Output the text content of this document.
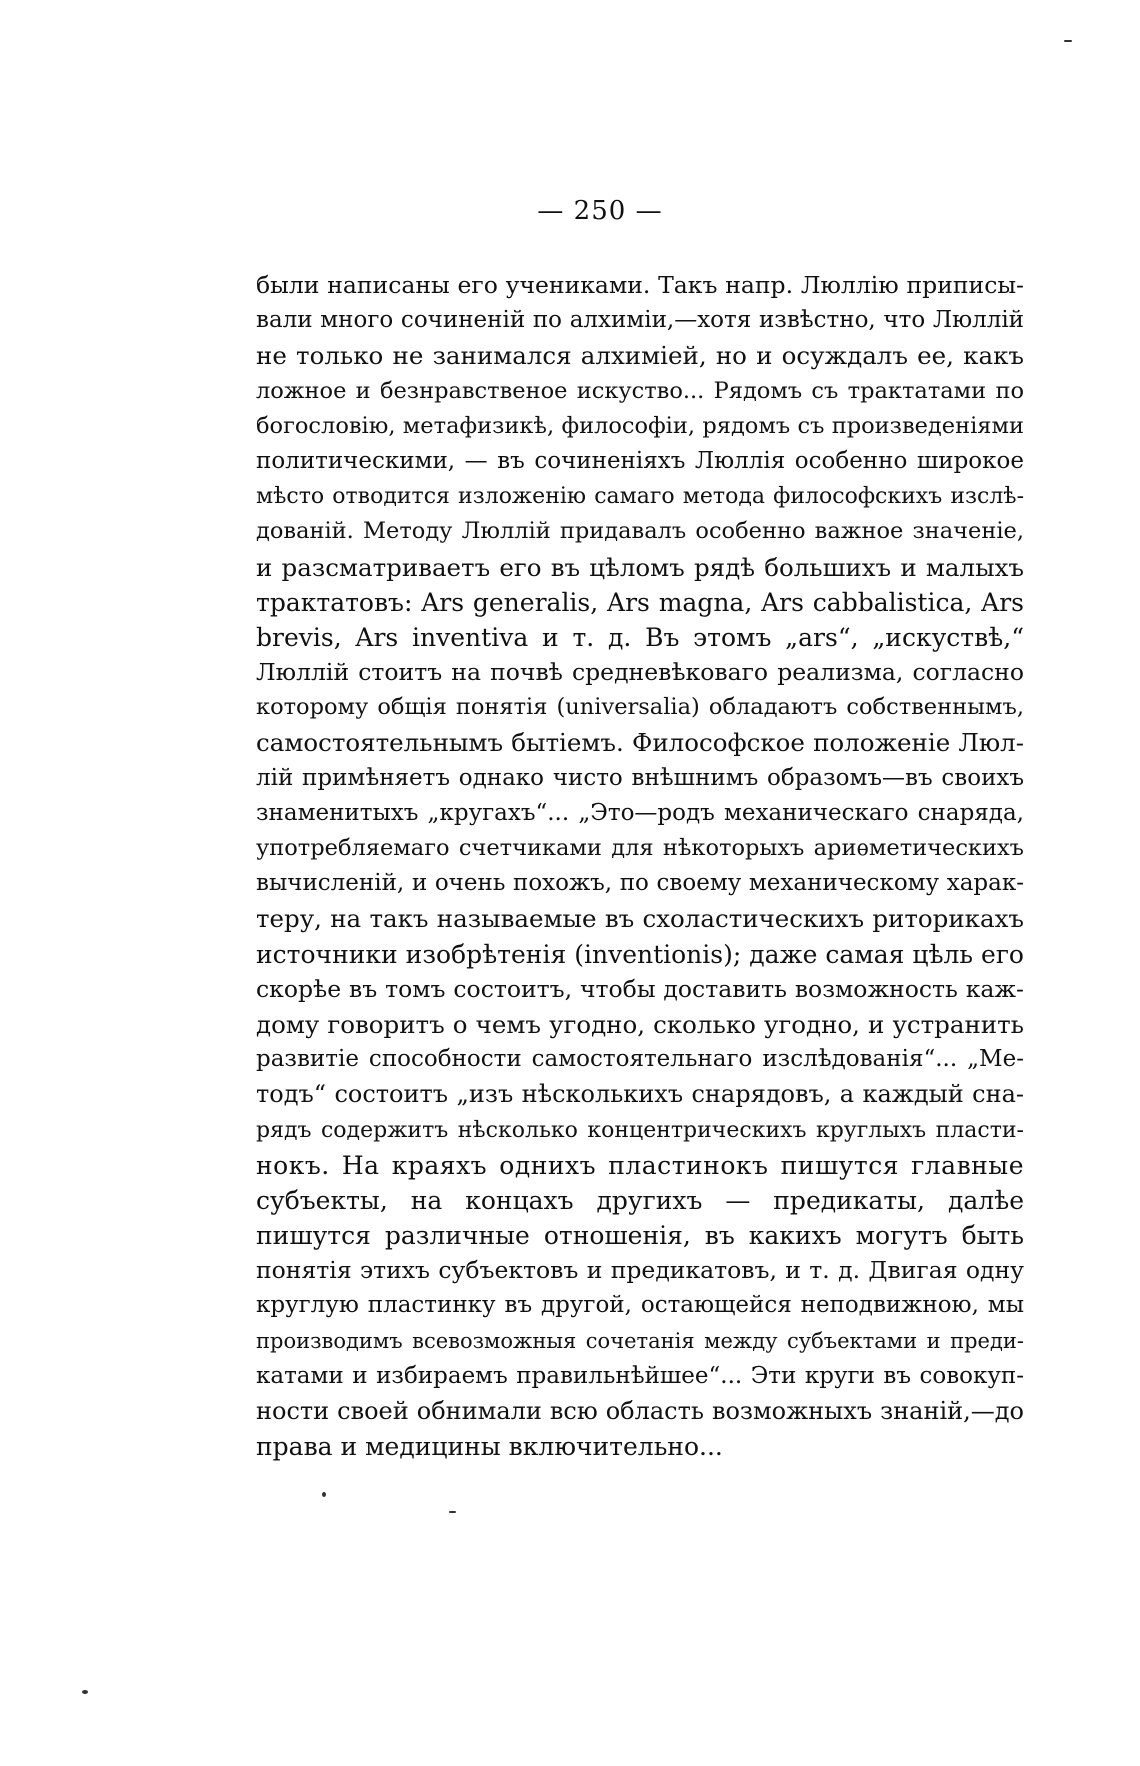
— 250 —
были написаны его учениками. Такъ напр. Люллію приписы-
вали много сочиненій по алхиміи,—хотя извѣстно, что Люллій
не только не занимался алхиміей, но и осуждалъ ее, какъ
ложное и безнравственое искуство... Рядомъ съ трактатами по
богословію, метафизикѣ, философіи, рядомъ съ произведеніями
политическими, — въ сочиненіяхъ Люллія особенно широкое
мѣсто отводится изложенію самаго метода философскихъ изслѣ-
дованій. Методу Люллій придавалъ особенно важное значеніе,
и разсматриваетъ его въ цѣломъ рядѣ большихъ и малыхъ
трактатовъ: Ars generalis, Ars magna, Ars cabbalistica, Ars
brevis, Ars inventiva и т. д. Въ этомъ „ars“, „искуствѣ,“
Люллій стоитъ на почвѣ средневѣковаго реализма, согласно
которому общія понятія (universalia) обладаютъ собственнымъ,
самостоятельнымъ бытіемъ. Философское положеніе Люл-
лій примѣняетъ однако чисто внѣшнимъ образомъ—въ своихъ
знаменитыхъ „кругахъ“... „Это—родъ механическаго снаряда,
употребляемаго счетчиками для нѣкоторыхъ ариѳметическихъ
вычисленій, и очень похожъ, по своему механическому харак-
теру, на такъ называемые въ схоластическихъ риторикахъ
источники изобрѣтенія (inventionis); даже самая цѣль его
скорѣе въ томъ состоитъ, чтобы доставить возможность каж-
дому говоритъ о чемъ угодно, сколько угодно, и устранить
развитіе способности самостоятельнаго изслѣдованія“... „Ме-
тодъ“ состоитъ „изъ нѣсколькихъ снарядовъ, а каждый сна-
рядъ содержитъ нѣсколько концентрическихъ круглыхъ пласти-
нокъ. На краяхъ однихъ пластинокъ пишутся главные
субъекты, на концахъ другихъ — предикаты, далѣе
пишутся различные отношенія, въ какихъ могутъ быть
понятія этихъ субъектовъ и предикатовъ, и т. д. Двигая одну
круглую пластинку въ другой, остающейся неподвижною, мы
производимъ всевозможныя сочетанія между субъектами и преди-
катами и избираемъ правильнѣйшее“... Эти круги въ совокуп-
ности своей обнимали всю область возможныхъ знаній,—до
права и медицины включительно...
